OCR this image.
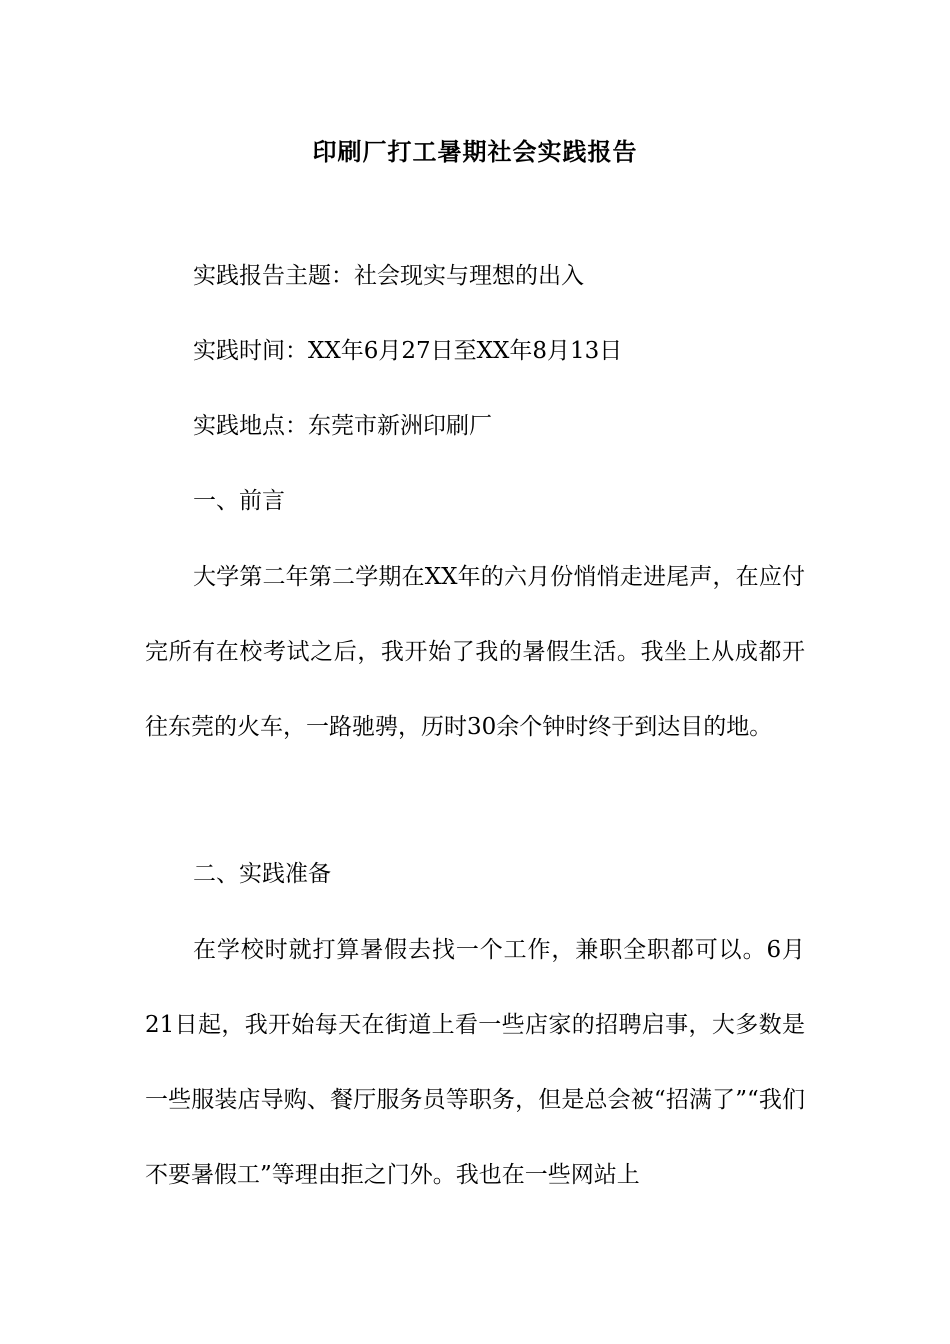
印刷厂打工暑期社会实践报告

实践报告主题：社会现实与理想的出入

实践时间：XX年6月27日至XX年8月13日

实践地点：东莞市新洲印刷厂

一、前言

大学第二年第二学期在XX年的六月份悄悄走进尾声，在应付完所有在校考试之后，我开始了我的暑假生活。我坐上从成都开往东莞的火车，一路驰骋，历时30余个钟时终于到达目的地。

二、实践准备

在学校时就打算暑假去找一个工作，兼职全职都可以。6月21日起，我开始每天在街道上看一些店家的招聘启事，大多数是一些服装店导购、餐厅服务员等职务，但是总会被“招满了”“我们不要暑假工”等理由拒之门外。我也在一些网站上
